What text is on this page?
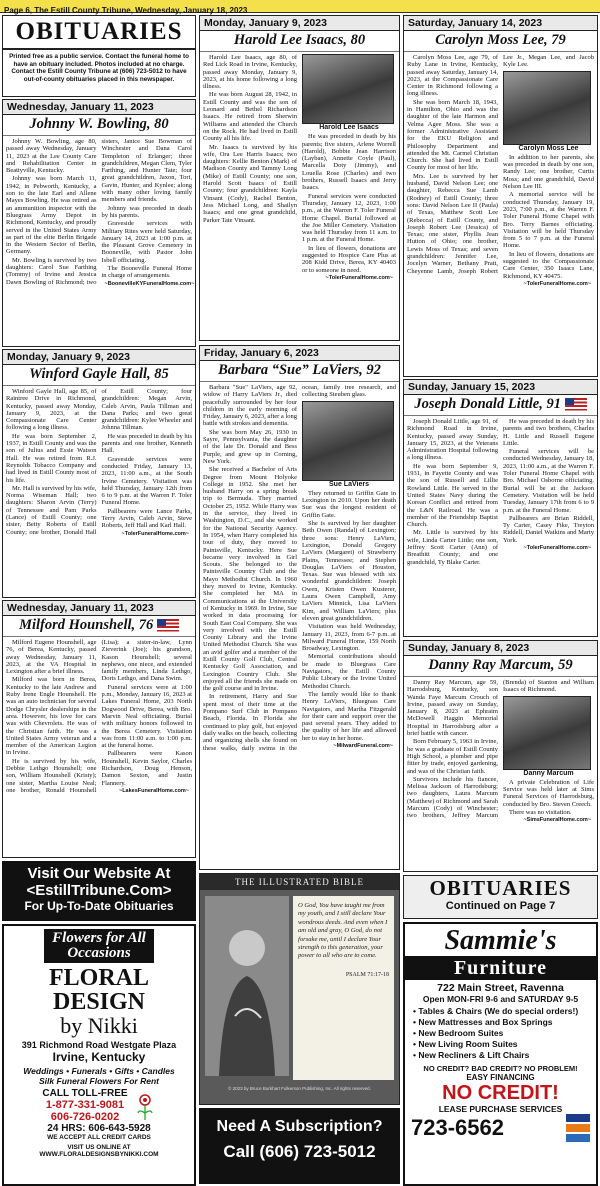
Page 6, The Estill County Tribune, Wednesday, January 18, 2023
OBITUARIES
Printed free as a public service. Contact the funeral home to have an obituary included. Photos included at no charge. Contact the Estill County Tribune at (606) 723-5012 to have out-of-county obituaries placed in this newspaper.
Wednesday, January 11, 2023
Johnny W. Bowling, 80

Johnny W. Bowling, age 80, passed away Wednesday, January 11, 2023 at the Lee County Care and Rehabilitation Center in Beattyville, Kentucky.

Johnny was born March 11, 1942, in Pebworth, Kentucky, a son to the late Earl and Allene Mayes Bowling. He was retired as an ammunition inspector with the Bluegrass Army Depot in Richmond, Kentucky, and proudly served in the United States Army as part of the elite Berlin Brigade in the Western Sector of Berlin, Germany.

Mr. Bowling is survived by two daughters: Carol Sue Farthing (Tommy) of Irvine and Jessica Dawn Bowling of Richmond; two sisters, Janice Sue Bowman of Winchester and Dana Carol Templeton of Erlanger; three grandchildren, Megan Clem, Tyler Farthing, and Hunter Tate; four great grandchildren, Jaxon, Tori, Gavin, Hunter, and Kynlee; along with many other loving family members and friends.

Johnny was preceded in death by his parents.

Graveside services with Military Rites were held Saturday, January 14, 2023 at 1:00 p.m. at the Pleasant Grove Cemetery in Booneville, with Pastor John Isbell officiating.

The Booneville Funeral Home in charge of arrangements.

~BoonevilleKYFuneralHome.com~
Monday, January 9, 2023
Winford Gayle Hall, 85

Winford Gayle Hall, age 85, of Raintree Drive in Richmond, Kentucky, passed away Monday, January 9, 2023, at the Compassionate Care Center following a long illness.

He was born September 2, 1937, in Estill County and was the son of Julius and Essie Watson Hall. He was retired from R.J. Reynolds Tobacco Company and had lived in Estill County most of his life.

Mr. Hall is survived by his wife, Norma Wiseman Hall; two daughters: Sharon Arvin (Terry) of Tennessee and Pam Parks (Lance) of Estill County; one sister, Betty Roberts of Estill County; one brother, Donald Hall of Estill County; four grandchildren: Megan Arvin, Caleb Arvin, Paula Tillman and Dana Parks; and two great grandchildren: Kylee Wheeler and Johnna Tillman.

He was preceded in death by his parents and one brother, Kenneth Hall.

Graveside services were conducted Friday, January 13, 2023, 11:00 a.m., at the South Irvine Cemetery. Visitation was held Thursday, January 12th from 6 to 9 p.m. at the Warren F. Toler Funeral Home.

Pallbearers were Lance Parks, Terry Arvin, Caleb Arvin, Steve Roberts, Jeff Hall and Karl Hall.

~TolerFuneralHome.com~
Wednesday, January 11, 2023
Milford Hounshell, 76

Milford Eugene Hounshell, age 76, of Berea, Kentucky, passed away Wednesday, January 11, 2023, at the VA Hospital in Lexington after a brief illness.

Milford was born in Berea, Kentucky to the late Andrew and Ruby Irene Engle Hounshell. He was an auto technician for several Dodge Chrysler dealerships in the area. However, his love for cars was with Chevrolets. He was of the Christian faith. He was a United States Army veteran and a member of the American Legion in Irvine.

He is survived by his wife, Debbie Lethgo Hounshell; one son, William Hounshell (Kristy); one sister, Martha Louise Neal; one brother, Ronald Hounshell (Lisa); a sister-in-law, Lynn Zieverink (Joe); his grandson, Kason Hounshell; several nephews, one niece, and extended family members, Linda Lethgo, Doris Lethgo, and Dana Swim.

Funeral services were at 1:00 p.m., Monday, January 16, 2023 at Lakes Funeral Home, 203 North Dogwood Drive, Berea, with Bro. Marvin Neal officiating. Burial with military honors followed in the Berea Cemetery. Visitation was from 11:00 a.m. to 1:00 p.m. at the funeral home.

Pallbearers were Kason Hounshell, Kevin Saylor, Charles Richardson, Doug Henson, Damon Sexton, and Justin Flannery.

~LakesFuneralHome.com~
Visit Our Website At
<EstillTribune.Com>
For Up-To-Date Obituaries
Flowers for All Occasions
FLORAL DESIGN
by Nikki
391 Richmond Road Westgate Plaza
Irvine, Kentucky
Weddings • Funerals • Gifts • Candles
Silk Funeral Flowers For Rent
CALL TOLL-FREE
1-877-331-9081
606-726-0202
24 HRS: 606-643-5928
WE ACCEPT ALL CREDIT CARDS
VISIT US ONLINE AT
WWW.FLORALDESIGNSBYNIKKI.COM
Monday, January 9, 2023
Harold Lee Isaacs, 80

Harold Lee Isaacs, age 80, of Red Lick Road in Irvine, Kentucky, passed away Monday, January 9, 2023, at his home following a long illness.

He was born August 28, 1942, in Estill County and was the son of Leonard and Bethel Richardson Isaacs. He retired from Sherwin Williams and attended the Church on the Rock. He had lived in Estill County all his life.

Mr. Isaacs is survived by his wife, Ora Lee Harris Isaacs; two daughters: Kellie Benton (Mark) of Madison County and Tammy Long (Mike) of Estill County; one son, Harold Scott Isaacs of Estill County; four grandchildren: Kayla Vinsant (Cody), Rachel Benton, Jess Michael Long, and Shailyn Isaacs; and one great grandchild, Parker Tate Vinsant.

Harold Lee Isaacs

He was preceded in death by his parents; five sisters, Arlene Worrell (Harold), Bobbie Jean Harrison (Layban), Annette Coyle (Paul), Marcella Doty (Jimmy), and Louella Rose (Charles) and two brothers, Russell Isaacs and Jerry Isaacs.

Funeral services were conducted Thursday, January 12, 2023, 1:00 p.m., at the Warren F. Toler Funeral Home Chapel. Burial followed at the Joe Miller Cemetery. Visitation was held Thursday from 11 a.m. to 1 p.m. at the Funeral Home.

In lieu of flowers, donations are suggested to Hospice Care Plus at 208 Kidd Drive, Berea, KY 40403 or to someone in need.

~TolerFuneralHome.com~
Friday, January 6, 2023
Barbara “Sue” LaViers, 92

Barbara "Sue" LaViers, age 92, widow of Harry LaViers Jr., died peacefully surrounded by her four children in the early morning of Friday, January 6, 2023, after a long battle with strokes and dementia.

She was born May 26, 1930 in Sayre, Pennsylvania, the daughter of the late Dr. Donald and Bess Purple, and grew up in Corning, New York.

She received a Bachelor of Arts Degree from Mount Holyoke College in 1952. She met her husband Harry on a spring break trip to Bermuda. They married October 25, 1952. While Harry was in the service, they lived in Washington, D.C., and she worked for the National Security Agency. In 1954, when Harry completed his tour of duty, they moved to Paintsville, Kentucky. Here Sue became very involved in Girl Scouts. She belonged to the Paintsville Country Club and the Mayo Methodist Church. In 1960 they moved to Irvine, Kentucky. She completed her MA in Communications at the University of Kentucky in 1969. In Irvine, Sue worked in data processing for South East Coal Company. She was very involved with the Estill County Library and the Irvine United Methodist Church. She was an avid golfer and a member of the Estill County Golf Club, Central Kentucky Golf Association, and Lexington Country Club. She enjoyed all the friends she made on the golf course and in Irvine.

In retirement, Harry and Sue spent most of their time at the Pompano Surf Club in Pompano Beach, Florida. In Florida she continued to play golf, but enjoyed daily walks on the beach, collecting and organizing shells she found on these walks, daily swims in the ocean, family tree research, and collecting Steuben glass.

Sue LaViers

They returned to Griffin Gate in Lexington in 2010. Upon her death Sue was the longest resident of Griffin Gate.

She is survived by her daughter Beth Owen (Randal) of Lexington; three sons: Henry LaViers, Lexington, Donald Gregory LaViers (Margaret) of Strawberry Plains, Tennessee; and Stephen Douglas LaViers of Houston, Texas. Sue was blessed with six wonderful grandchildren: Joseph Owen, Kristen Owen Kusterer, Laura Owen Campbell, Amy LaViers Minnick, Lisa LaViers Kim, and William LaViers; plus eleven great grandchildren.

Visitation was held Wednesday, January 11, 2023, from 6-7 p.m. at Milward Funeral Home, 159 North Broadway, Lexington.

Memorial contributions should be made to Bluegrass Care Navigators, the Estill County Public Library or the Irvine United Methodist Church.

The family would like to thank Henry LaViers, Bluegrass Care Navigators, and Martha Fitzgerald for their care and support over the past several years. They added to the quality of her life and allowed her to stay in her home.

~MilwardFuneral.com~
THE ILLUSTRATED BIBLE
O God, You have taught me from my youth, and I still declare Your wondrous deeds. And even when I am old and gray, O God, do not forsake me, until I declare Your strength to this generation, your power to all who are to come.
PSALM 71:17-18
© 2023 by Bruce Burkhart Fulkerson Publishing, Inc. All rights reserved.
Need A Subscription?
Call (606) 723-5012
Saturday, January 14, 2023
Carolyn Moss Lee, 79

Carolyn Moss Lee, age 79, of Ruby Lane in Irvine, Kentucky, passed away Saturday, January 14, 2023, at the Compassionate Care Center in Richmond following a long illness.

She was born March 18, 1943, in Hamilton, Ohio and was the daughter of the late Harmon and Velma Agee Moss. She was a former Administrative Assistant for the EKU Religion and Philosophy Department and attended the Mt. Carmel Christian Church. She had lived in Estill County for most of her life.

Mrs. Lee is survived by her husband, David Nelson Lee; one daughter, Rebecca Sue Lamb (Rodney) of Estill County; three sons: David Nelson Lee II (Paula) of Texas, Matthew Scott Lee (Rebecca) of Estill County, and Joseph Robert Lee (Jessica) of Texas; one sister, Phyllis Jean Hutton of Ohio; one brother, Lewis Moss of Texas; and seven grandchildren: Jennifer Lee, Jocelyn Warner, Bethany Pratt, Cheyenne Lamb, Joseph Robert Lee Jr., Megan Lee, and Jacob Kyle Lee.

Carolyn Moss Lee

In addition to her parents, she was preceded in death by one son, Randy Lee; one brother, Curtis Moss; and one grandchild, David Nelson Lee III.

A memorial service will be conducted Thursday, January 19, 2023, 7:00 p.m., at the Warren F. Toler Funeral Home Chapel with Bro. Terry Barnes officiating. Visitation will be held Thursday from 5 to 7 p.m. at the Funeral Home.

In lieu of flowers, donations are suggested to the Compassionate Care Center, 350 Isaacs Lane, Richmond, KY 40475.

~TolerFuneralHome.com~
Sunday, January 15, 2023
Joseph Donald Little, 91

Joseph Donald Little, age 91, of Richmond Road in Irvine, Kentucky, passed away Sunday, January 15, 2023, at the Veterans Administration Hospital following a long illness.

He was born September 9, 1931, in Fayette County and was the son of Russell and Lillie Rowland Little. He served in the United States Navy during the Korean Conflict and retired from the L&N Railroad. He was a member of the Friendship Baptist Church.

Mr. Little is survived by his wife, Linda Carter Little; one son, Jeffrey Scott Carter (Ann) of Breathitt County; and one grandchild, Ty Blake Carter.

He was preceded in death by his parents and two brothers, Charles H. Little and Russell Eugene Little.

Funeral services will be conducted Wednesday, January 18, 2023, 11:00 a.m., at the Warren F. Toler Funeral Home Chapel with Bro. Michael Osborne officiating. Burial will be at the Jackson Cemetery. Visitation will be held Tuesday, January 17th from 6 to 9 p.m. at the Funeral Home.

Pallbearers are Brian Riddell, Ty Carter, Casey Fike, Treyton Riddell, Daniel Watkins and Marty York.

~TolerFuneralHome.com~
Sunday, January 8, 2023
Danny Ray Marcum, 59

Danny Ray Marcum, age 59, Harrodsburg, Kentucky, son Wanda Faye Marcum Crouch of Irvine, passed away on Sunday, January 8, 2023 at Ephraim McDowell Haggin Memorial Hospital in Harrodsburg after a brief battle with cancer.

Born February 5, 1963 in Irvine, he was a graduate of Estill County High School, a plumber and pipe fitter by trade, enjoyed gardening, and was of the Christian faith.

Survivors include his fiancee, Melissa Jackson of Harrodsburg; two daughters, Laura Marcum (Matthew) of Richmond and Sarah Marcum (Cody) of Winchester; two brothers, Jeffrey Marcum (Brenda) of Stanton and William Isaacs of Richmond.

Danny Marcum

A private Celebration of Life Service was held later at Sims Funeral Services of Harrodsburg, conducted by Bro. Steven Creech.

There was no visitation.

~SimsFuneralHome.com~
OBITUARIES
Continued on Page 7
Sammie's
Furniture
722 Main Street, Ravenna
Open MON-FRI 9-6 and SATURDAY 9-5
• Tables & Chairs (We do special orders!)
• New Mattresses and Box Springs
• New Bedroom Suites
• New Living Room Suites
• New Recliners & Lift Chairs
NO CREDIT? BAD CREDIT? NO PROBLEM!
EASY FINANCING
NO CREDIT!
LEASE PURCHASE SERVICES
723-6562
